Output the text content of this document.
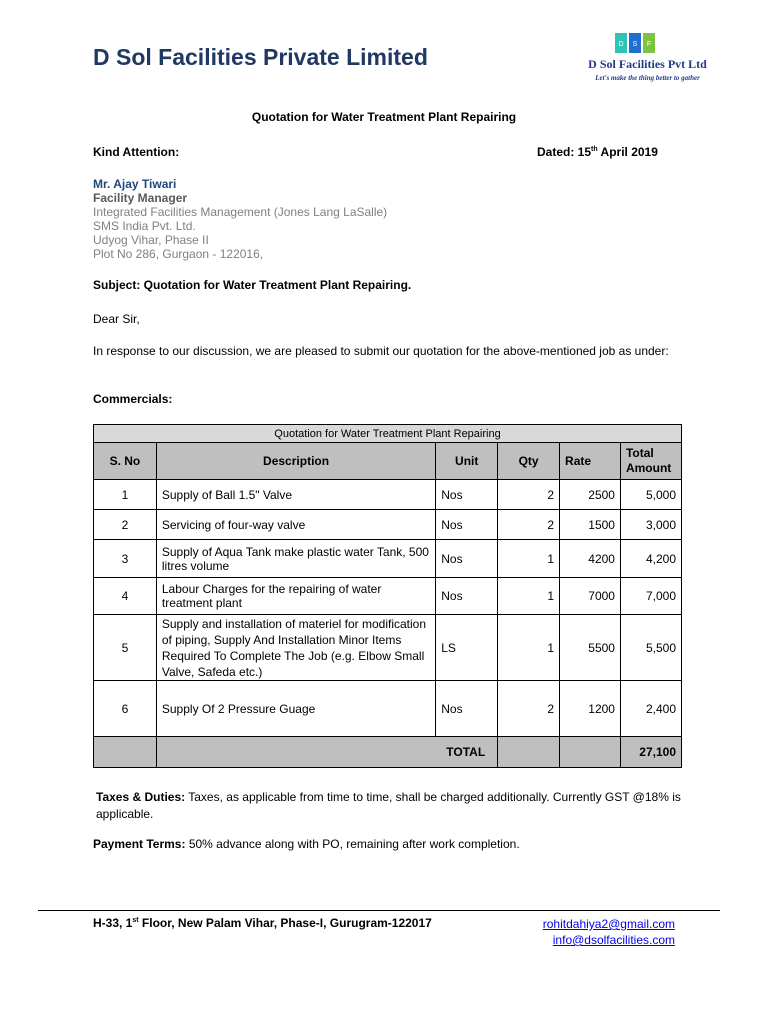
D Sol Facilities Private Limited	D S F
D Sol Facilities Pvt Ltd
Let's make the thing better to gather
Quotation for Water Treatment Plant Repairing
Kind Attention:	Dated: 15th April 2019
Mr. Ajay Tiwari
Facility Manager
Integrated Facilities Management (Jones Lang LaSalle)
SMS India Pvt. Ltd.
Udyog Vihar, Phase II
Plot No 286, Gurgaon - 122016,
Subject: Quotation for Water Treatment Plant Repairing.
Dear Sir,
In response to our discussion, we are pleased to submit our quotation for the above-mentioned job as under:
Commercials:
Quotation for Water Treatment Plant Repairing					
S. No	Description	Unit	Qty	Rate	Total Amount
1	Supply of Ball 1.5" Valve	Nos	2	2500	5,000
2	Servicing of four-way valve	Nos	2	1500	3,000
3	Supply of Aqua Tank make plastic water Tank, 500 litres volume	Nos	1	4200	4,200
4	Labour Charges for the repairing of water treatment plant	Nos	1	7000	7,000
5	Supply and installation of materiel for modification of piping, Supply And Installation Minor Items Required To Complete The Job (e.g. Elbow Small Valve, Safeda etc.)	LS	1	5500	5,500
6	Supply Of 2 Pressure Guage	Nos	2	1200	2,400
	TOTAL				27,100
Taxes & Duties: Taxes, as applicable from time to time, shall be charged additionally. Currently GST @18% is applicable.
Payment Terms: 50% advance along with PO, remaining after work completion.
H-33, 1st Floor, New Palam Vihar, Phase-I, Gurugram-122017	rohitdahiya2@gmail.com
info@dsolfacilities.com
